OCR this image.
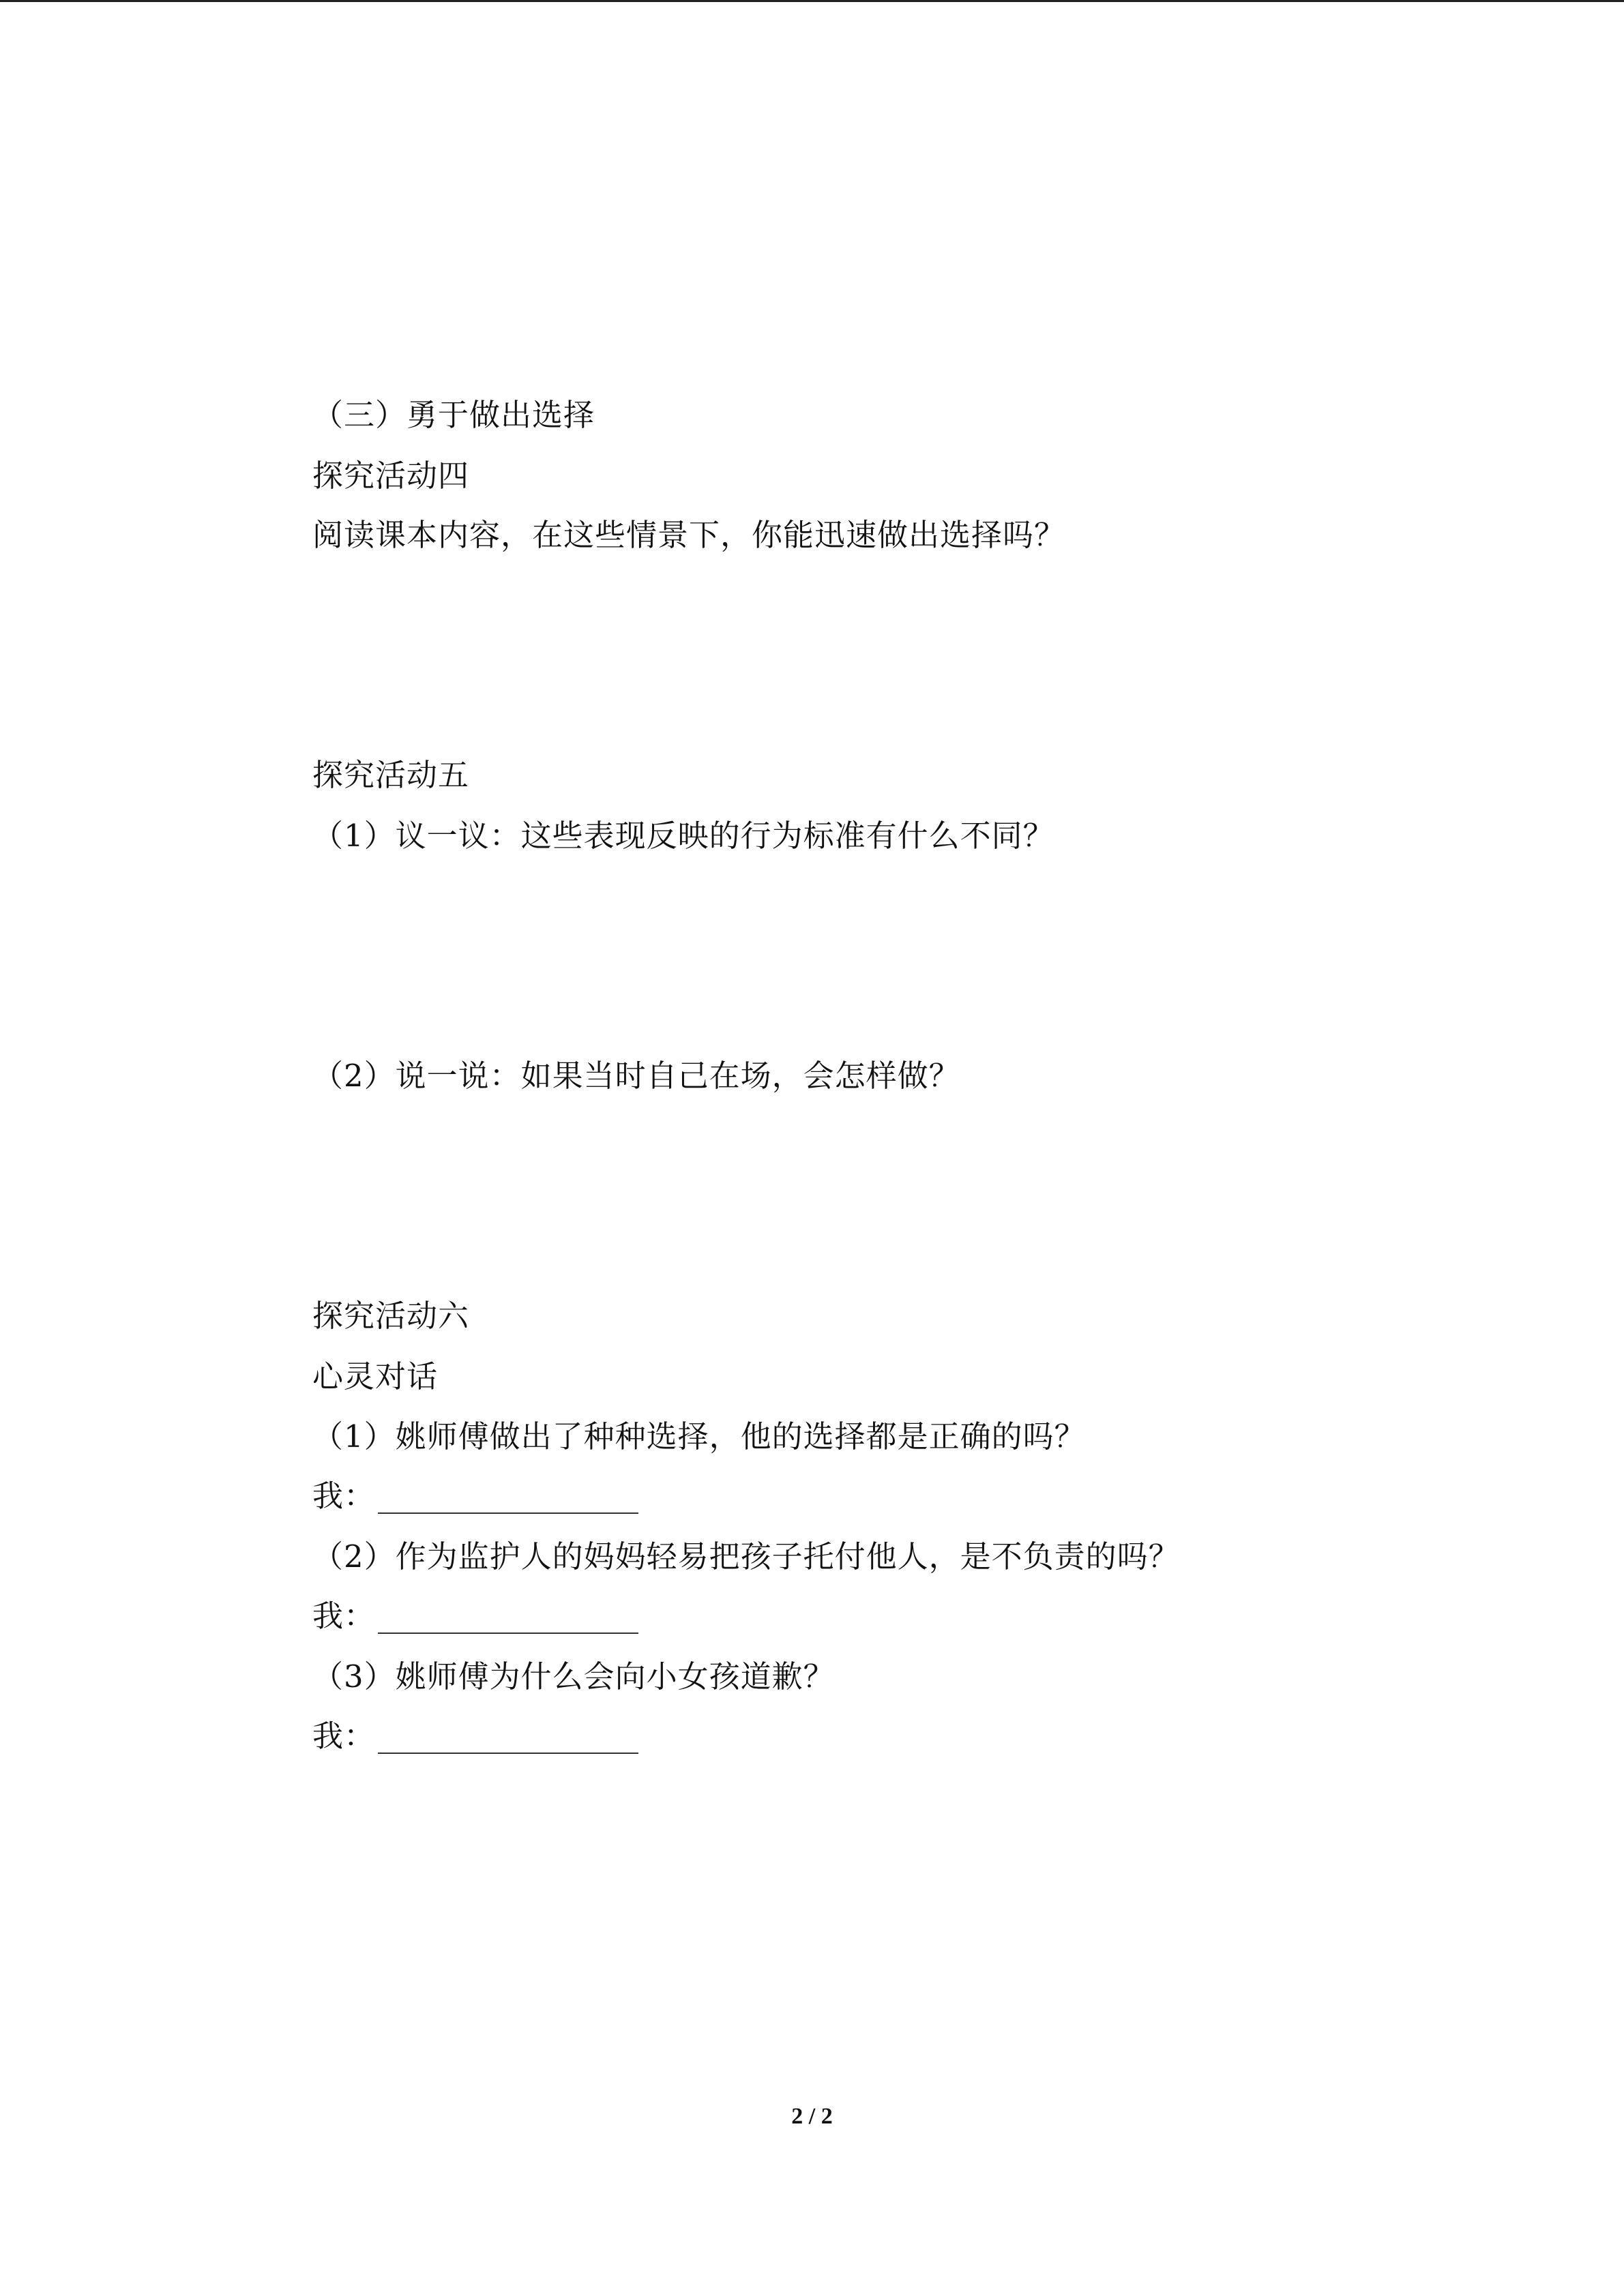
（三）勇于做出选择
探究活动四
阅读课本内容，在这些情景下，你能迅速做出选择吗？
探究活动五
（1）议一议：这些表现反映的行为标准有什么不同？
（2）说一说：如果当时自己在场，会怎样做？
探究活动六
心灵对话
（1）姚师傅做出了种种选择，他的选择都是正确的吗？
我：
（2）作为监护人的妈妈轻易把孩子托付他人，是不负责的吗？
我：
（3）姚师傅为什么会向小女孩道歉？
我：
2 / 2
